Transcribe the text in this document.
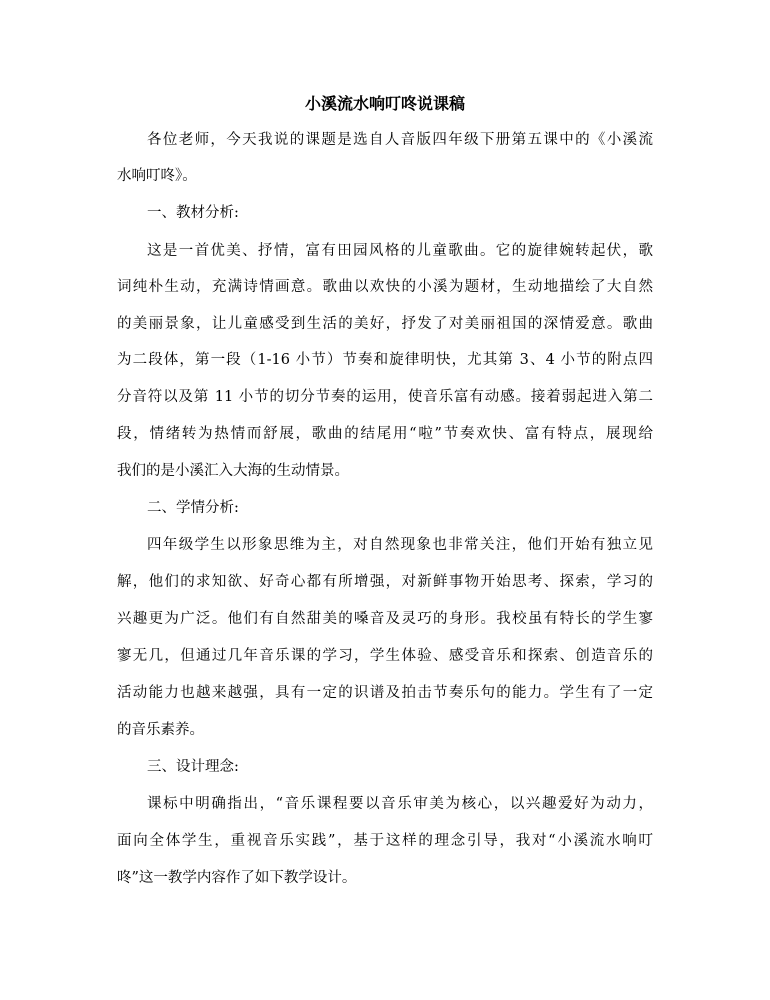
小溪流水响叮咚说课稿

各位老师，今天我说的课题是选自人音版四年级下册第五课中的《小溪流

水响叮咚》。

一、教材分析:

这是一首优美、抒情，富有田园风格的儿童歌曲。它的旋律婉转起伏，歌

词纯朴生动，充满诗情画意。歌曲以欢快的小溪为题材，生动地描绘了大自然

的美丽景象，让儿童感受到生活的美好，抒发了对美丽祖国的深情爱意。歌曲

为二段体，第一段（1-16 小节）节奏和旋律明快，尤其第 3、4 小节的附点四

分音符以及第 11 小节的切分节奏的运用，使音乐富有动感。接着弱起进入第二

段，情绪转为热情而舒展，歌曲的结尾用“啦”节奏欢快、富有特点，展现给

我们的是小溪汇入大海的生动情景。

二、学情分析:

四年级学生以形象思维为主，对自然现象也非常关注，他们开始有独立见

解，他们的求知欲、好奇心都有所增强，对新鲜事物开始思考、探索，学习的

兴趣更为广泛。他们有自然甜美的嗓音及灵巧的身形。我校虽有特长的学生寥

寥无几，但通过几年音乐课的学习，学生体验、感受音乐和探索、创造音乐的

活动能力也越来越强，具有一定的识谱及拍击节奏乐句的能力。学生有了一定

的音乐素养。

三、设计理念:

课标中明确指出，“音乐课程要以音乐审美为核心，以兴趣爱好为动力，

面向全体学生，重视音乐实践”，基于这样的理念引导，我对“小溪流水响叮

咚”这一教学内容作了如下教学设计。
